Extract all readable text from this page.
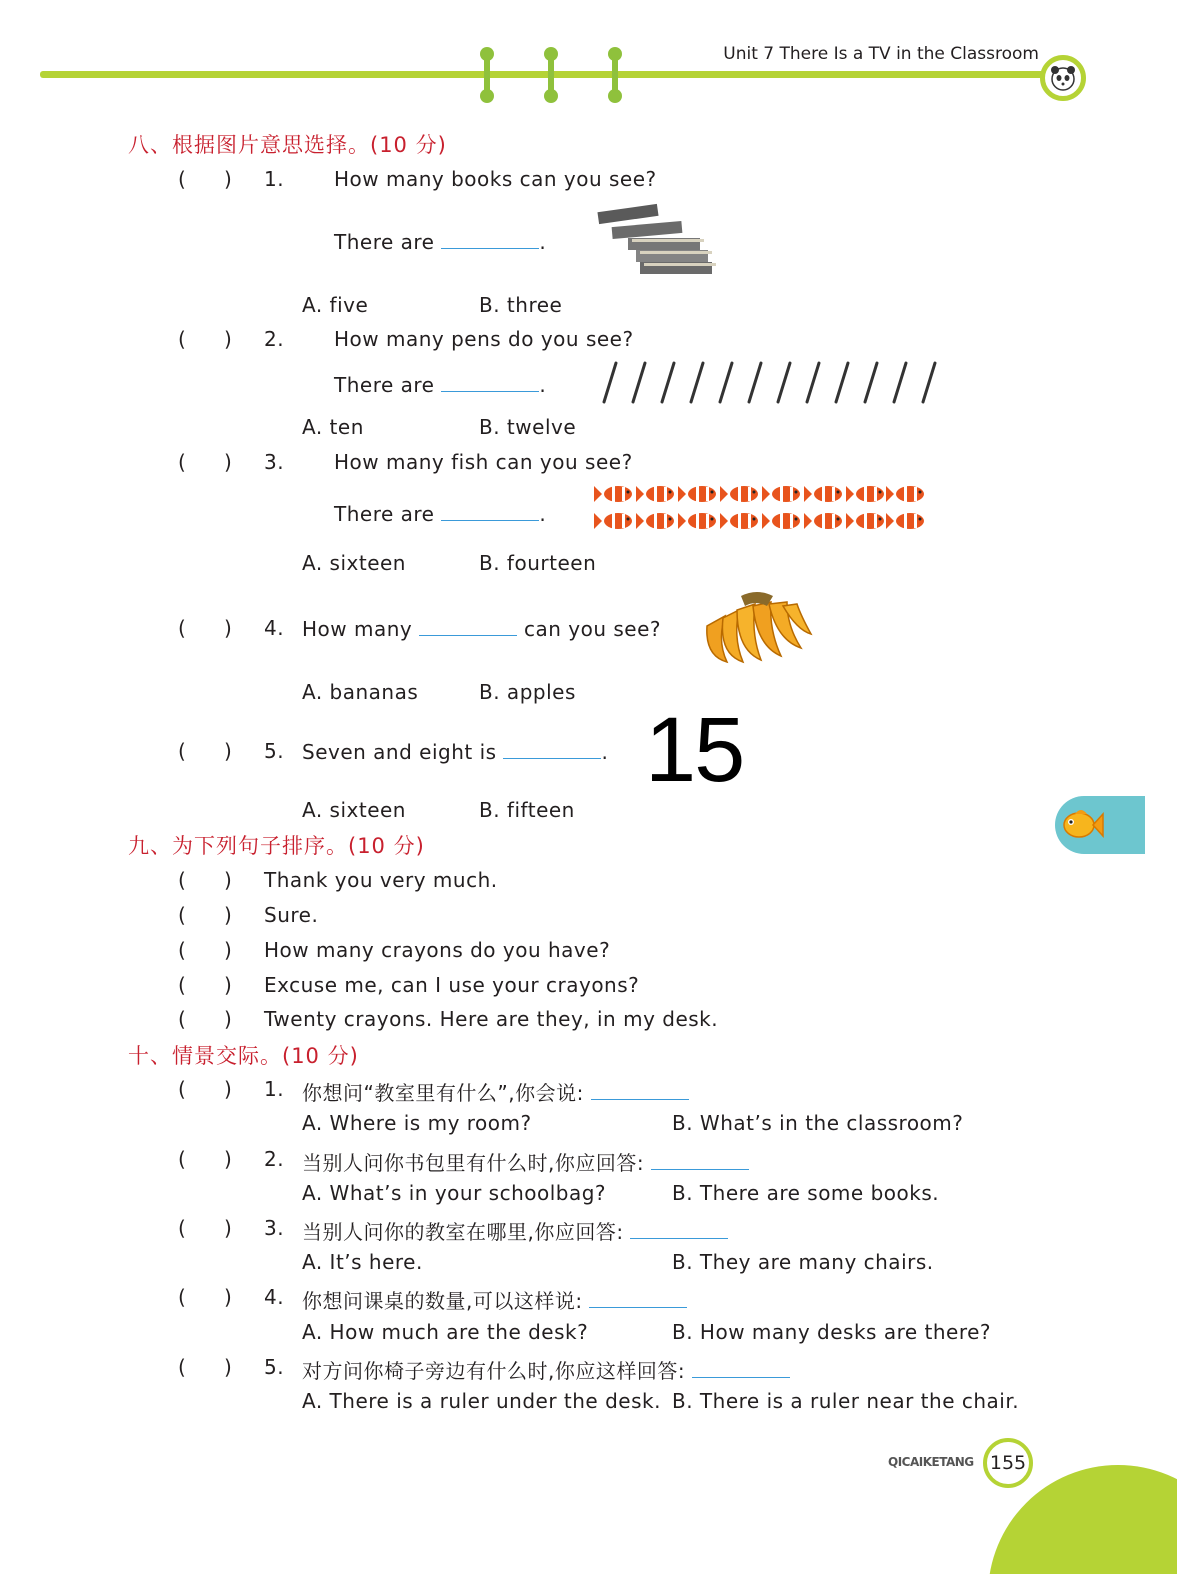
Unit 7 There Is a TV in the Classroom
八、根据图片意思选择。(10 分)
(      ) 1. How many books can you see?
There are	.
A. five	B. three
(      ) 2. How many pens do you see?
There are	.
A. ten	B. twelve
(      ) 3. How many fish can you see?
There are	.
A. sixteen	B. fourteen
(      ) 4. How many	can you see?
A. bananas	B. apples
(      ) 5. Seven and eight is	. 15
A. sixteen	B. fifteen
九、为下列句子排序。(10 分)
(      ) Thank you very much.
(      ) Sure.
(      ) How many crayons do you have?
(      ) Excuse me, can I use your crayons?
(      ) Twenty crayons. Here are they, in my desk.
十、情景交际。(10 分)
(      ) 1. 你想问“教室里有什么”,你会说:
A. Where is my room?	B. What’s in the classroom?
(      ) 2. 当别人问你书包里有什么时,你应回答:
A. What’s in your schoolbag?	B. There are some books.
(      ) 3. 当别人问你的教室在哪里,你应回答:
A. It’s here.	B. They are many chairs.
(      ) 4. 你想问课桌的数量,可以这样说:
A. How much are the desk?	B. How many desks are there?
(      ) 5. 对方问你椅子旁边有什么时,你应这样回答:
A. There is a ruler under the desk. B. There is a ruler near the chair.
QICAIKETANG 155
